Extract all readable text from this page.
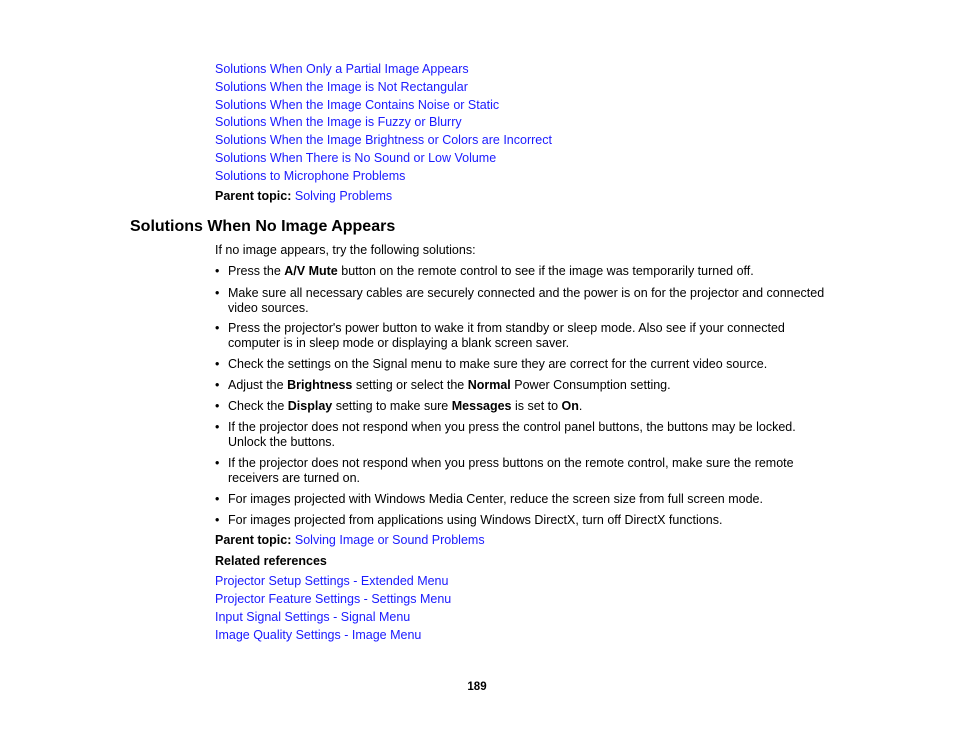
Solutions When Only a Partial Image Appears
Solutions When the Image is Not Rectangular
Solutions When the Image Contains Noise or Static
Solutions When the Image is Fuzzy or Blurry
Solutions When the Image Brightness or Colors are Incorrect
Solutions When There is No Sound or Low Volume
Solutions to Microphone Problems
Parent topic: Solving Problems
Solutions When No Image Appears
If no image appears, try the following solutions:
• Press the A/V Mute button on the remote control to see if the image was temporarily turned off.
• Make sure all necessary cables are securely connected and the power is on for the projector and connected video sources.
• Press the projector's power button to wake it from standby or sleep mode. Also see if your connected computer is in sleep mode or displaying a blank screen saver.
• Check the settings on the Signal menu to make sure they are correct for the current video source.
• Adjust the Brightness setting or select the Normal Power Consumption setting.
• Check the Display setting to make sure Messages is set to On.
• If the projector does not respond when you press the control panel buttons, the buttons may be locked. Unlock the buttons.
• If the projector does not respond when you press buttons on the remote control, make sure the remote receivers are turned on.
• For images projected with Windows Media Center, reduce the screen size from full screen mode.
• For images projected from applications using Windows DirectX, turn off DirectX functions.
Parent topic: Solving Image or Sound Problems
Related references
Projector Setup Settings - Extended Menu
Projector Feature Settings - Settings Menu
Input Signal Settings - Signal Menu
Image Quality Settings - Image Menu
189
